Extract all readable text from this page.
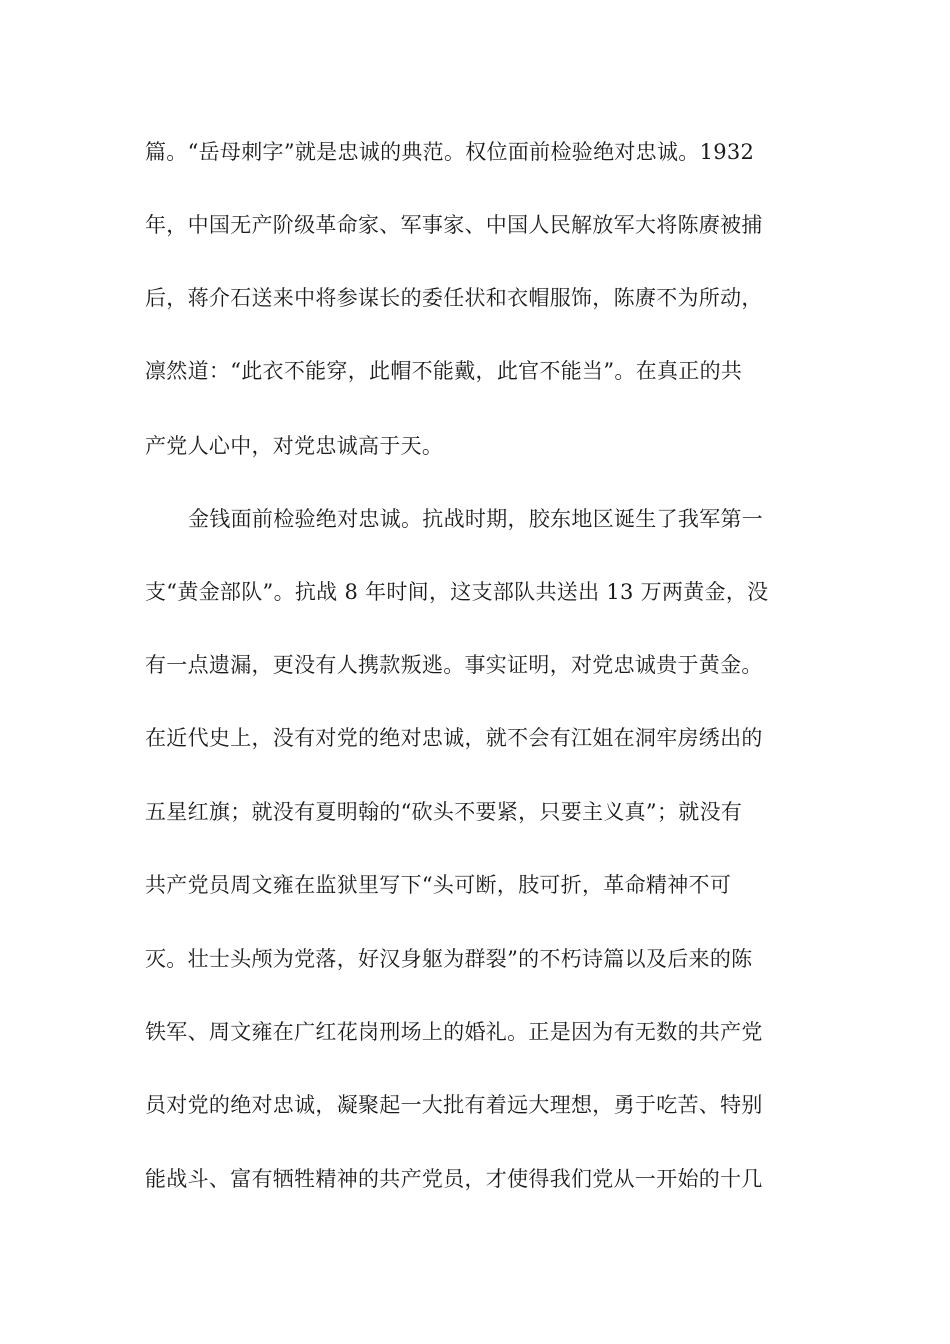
篇。“岳母刺字”就是忠诚的典范。权位面前检验绝对忠诚。1932
年，中国无产阶级革命家、军事家、中国人民解放军大将陈赓被捕
后，蒋介石送来中将参谋长的委任状和衣帽服饰，陈赓不为所动，
凛然道：“此衣不能穿，此帽不能戴，此官不能当”。在真正的共
产党人心中，对党忠诚高于天。
金钱面前检验绝对忠诚。抗战时期，胶东地区诞生了我军第一
支“黄金部队”。抗战 8 年时间，这支部队共送出 13 万两黄金，没
有一点遗漏，更没有人携款叛逃。事实证明，对党忠诚贵于黄金。
在近代史上，没有对党的绝对忠诚，就不会有江姐在洞牢房绣出的
五星红旗；就没有夏明翰的“砍头不要紧，只要主义真”；就没有
共产党员周文雍在监狱里写下“头可断，肢可折，革命精神不可
灭。壮士头颅为党落，好汉身躯为群裂”的不朽诗篇以及后来的陈
铁军、周文雍在广红花岗刑场上的婚礼。正是因为有无数的共产党
员对党的绝对忠诚，凝聚起一大批有着远大理想，勇于吃苦、特别
能战斗、富有牺牲精神的共产党员，才使得我们党从一开始的十几
